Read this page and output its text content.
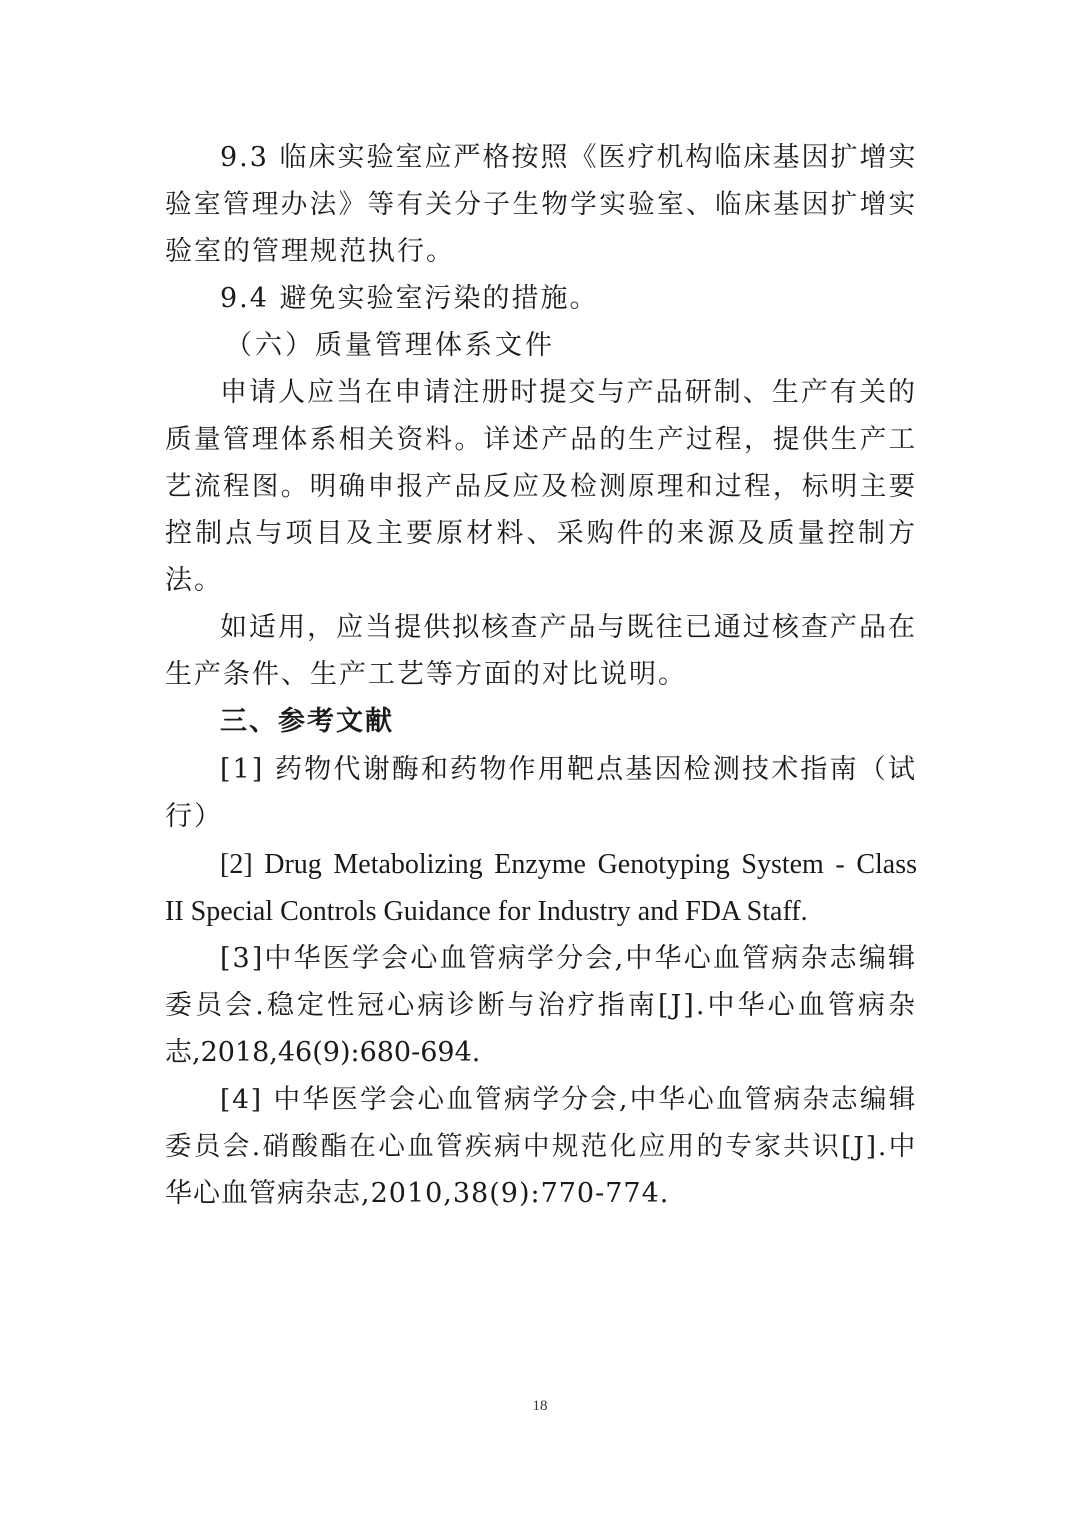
9.3 临床实验室应严格按照《医疗机构临床基因扩增实
验室管理办法》等有关分子生物学实验室、临床基因扩增实
验室的管理规范执行。
9.4 避免实验室污染的措施。
（六）质量管理体系文件
申请人应当在申请注册时提交与产品研制、生产有关的
质量管理体系相关资料。详述产品的生产过程，提供生产工
艺流程图。明确申报产品反应及检测原理和过程，标明主要
控制点与项目及主要原材料、采购件的来源及质量控制方
法。
如适用，应当提供拟核查产品与既往已通过核查产品在
生产条件、生产工艺等方面的对比说明。
三、参考文献
[1] 药物代谢酶和药物作用靶点基因检测技术指南（试
行）
[2] Drug Metabolizing Enzyme Genotyping System - Class
II Special Controls Guidance for Industry and FDA Staff.
[3]中华医学会心血管病学分会,中华心血管病杂志编辑
委员会.稳定性冠心病诊断与治疗指南[J].中华心血管病杂
志,2018,46(9):680-694.
[4] 中华医学会心血管病学分会,中华心血管病杂志编辑
委员会.硝酸酯在心血管疾病中规范化应用的专家共识[J].中
华心血管病杂志,2010,38(9):770-774.
18
